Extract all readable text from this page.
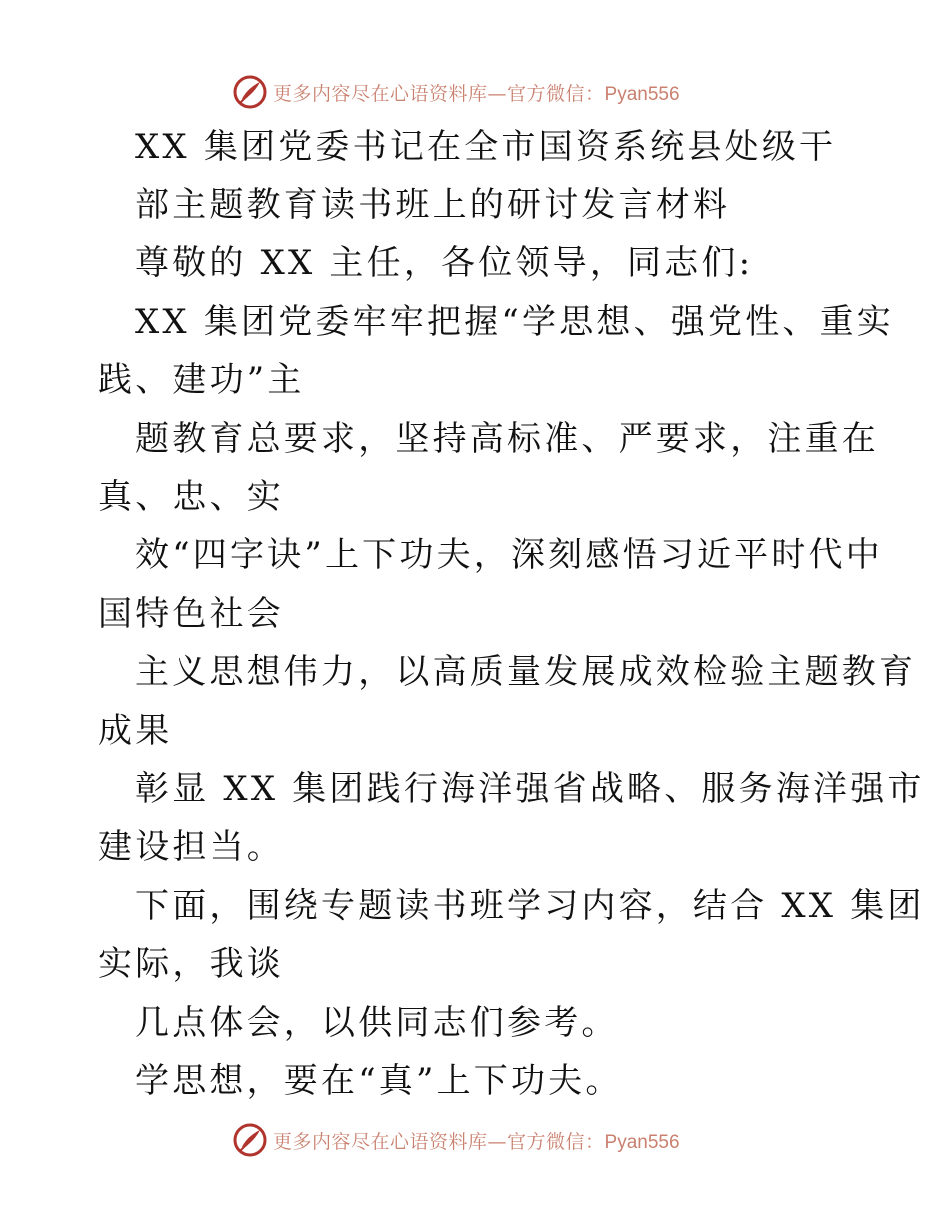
更多内容尽在心语资料库—官方微信：Pyan556
XX 集团党委书记在全市国资系统县处级干
部主题教育读书班上的研讨发言材料
尊敬的 XX 主任，各位领导，同志们:
XX 集团党委牢牢把握“学思想、强党性、重实
践、建功”主
题教育总要求，坚持高标准、严要求，注重在
真、忠、实
效“四字诀”上下功夫，深刻感悟习近平时代中
国特色社会
主义思想伟力，以高质量发展成效检验主题教育
成果
彰显 XX 集团践行海洋强省战略、服务海洋强市
建设担当。
下面，围绕专题读书班学习内容，结合 XX 集团
实际，我谈
几点体会，以供同志们参考。
学思想，要在“真”上下功夫。
更多内容尽在心语资料库—官方微信：Pyan556
